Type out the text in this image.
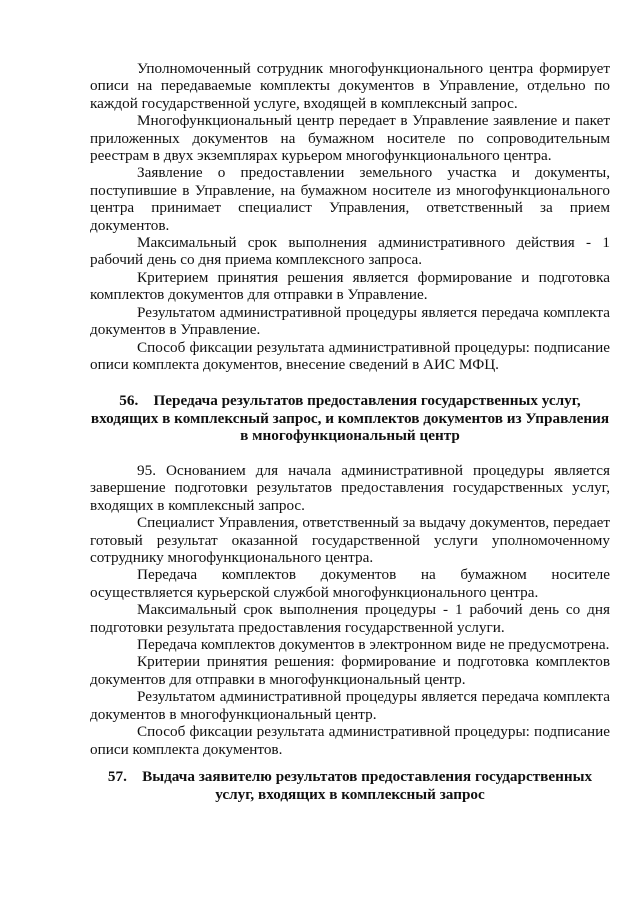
Уполномоченный сотрудник многофункционального центра формирует описи на передаваемые комплекты документов в Управление, отдельно по каждой государственной услуге, входящей в комплексный запрос.

Многофункциональный центр передает в Управление заявление и пакет приложенных документов на бумажном носителе по сопроводительным реестрам в двух экземплярах курьером многофункционального центра.

Заявление о предоставлении земельного участка и документы, поступившие в Управление, на бумажном носителе из многофункционального центра принимает специалист Управления, ответственный за прием документов.

Максимальный срок выполнения административного действия - 1 рабочий день со дня приема комплексного запроса.

Критерием принятия решения является формирование и подготовка комплектов документов для отправки в Управление.

Результатом административной процедуры является передача комплекта документов в Управление.

Способ фиксации результата административной процедуры: подписание описи комплекта документов, внесение сведений в АИС МФЦ.

56. Передача результатов предоставления государственных услуг, входящих в комплексный запрос, и комплектов документов из Управления в многофункциональный центр

95. Основанием для начала административной процедуры является завершение подготовки результатов предоставления государственных услуг, входящих в комплексный запрос.

Специалист Управления, ответственный за выдачу документов, передает готовый результат оказанной государственной услуги уполномоченному сотруднику многофункционального центра.

Передача комплектов документов на бумажном носителе осуществляется курьерской службой многофункционального центра.

Максимальный срок выполнения процедуры - 1 рабочий день со дня подготовки результата предоставления государственной услуги.

Передача комплектов документов в электронном виде не предусмотрена.

Критерии принятия решения: формирование и подготовка комплектов документов для отправки в многофункциональный центр.

Результатом административной процедуры является передача комплекта документов в многофункциональный центр.

Способ фиксации результата административной процедуры: подписание описи комплекта документов.

57. Выдача заявителю результатов предоставления государственных услуг, входящих в комплексный запрос
